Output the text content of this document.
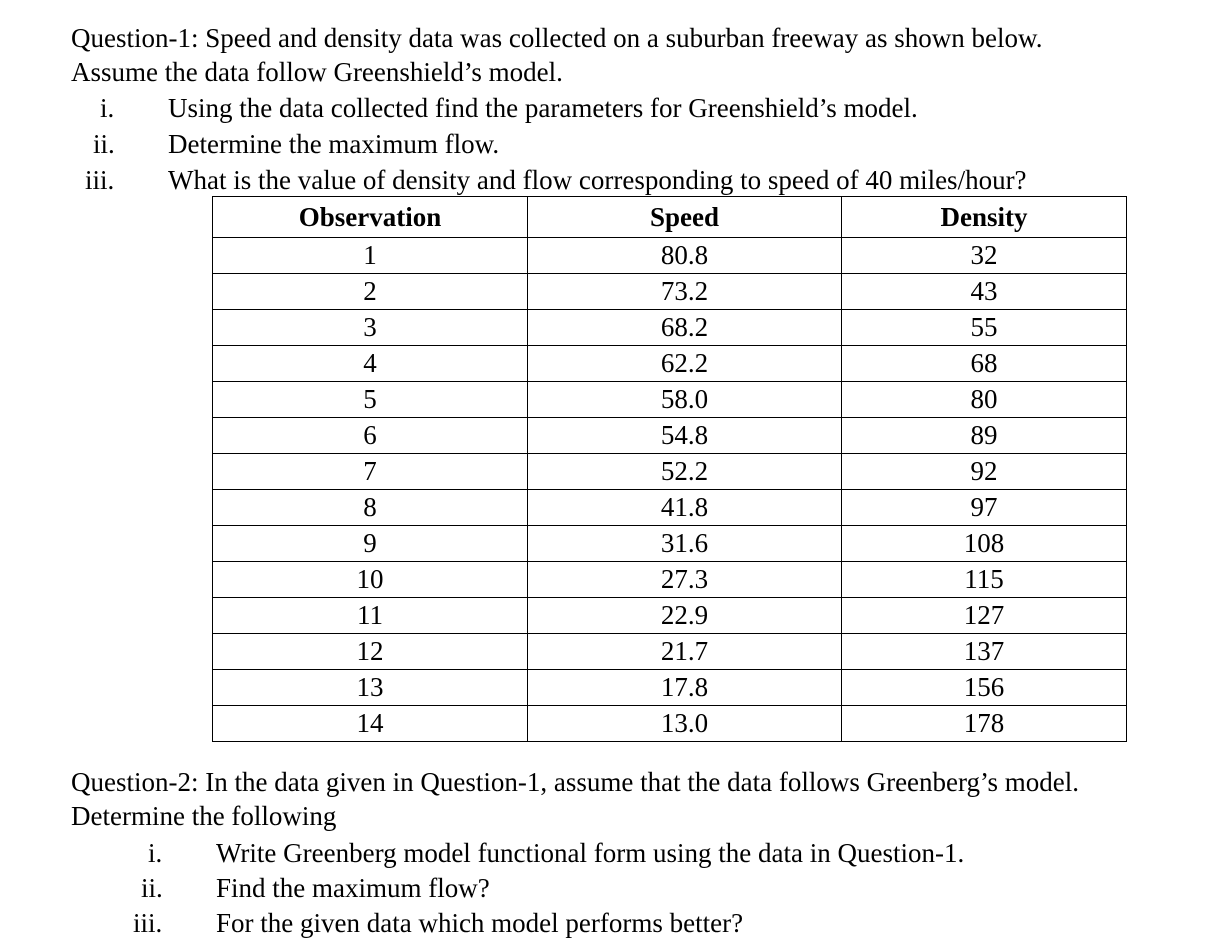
Question-1: Speed and density data was collected on a suburban freeway as shown below.
Assume the data follow Greenshield’s model.
i. Using the data collected find the parameters for Greenshield’s model.
ii. Determine the maximum flow.
iii. What is the value of density and flow corresponding to speed of 40 miles/hour?
Observation	Speed	Density
1	80.8	32
2	73.2	43
3	68.2	55
4	62.2	68
5	58.0	80
6	54.8	89
7	52.2	92
8	41.8	97
9	31.6	108
10	27.3	115
11	22.9	127
12	21.7	137
13	17.8	156
14	13.0	178
Question-2: In the data given in Question-1, assume that the data follows Greenberg’s model.
Determine the following
i. Write Greenberg model functional form using the data in Question-1.
ii. Find the maximum flow?
iii. For the given data which model performs better?
